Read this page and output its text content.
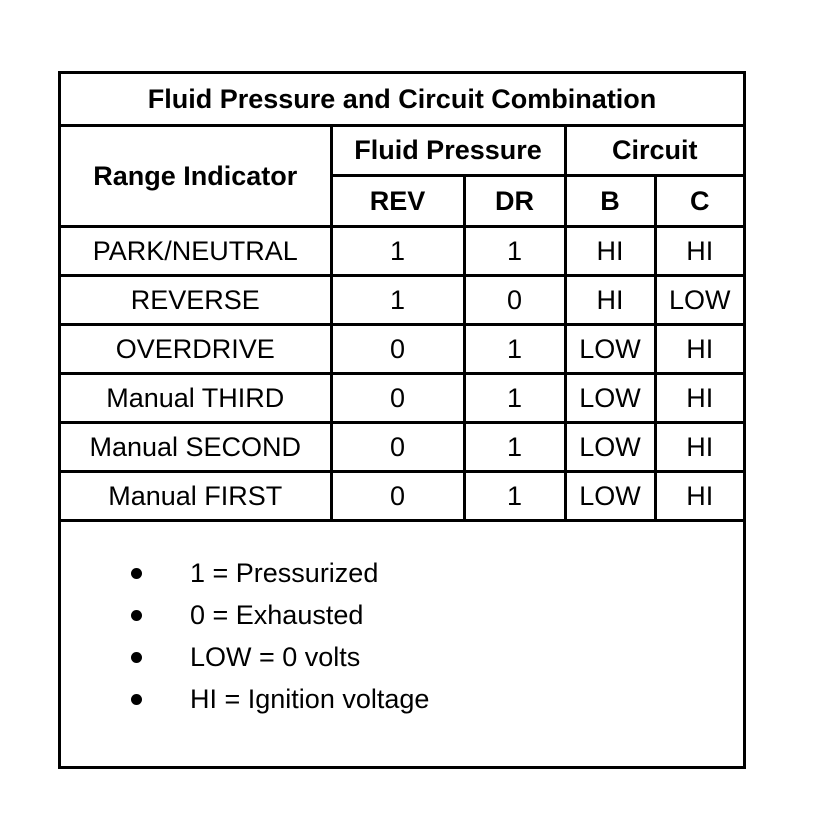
Fluid Pressure and Circuit Combination				
Range Indicator	Fluid Pressure		Circuit	
	REV	DR	B	C
PARK/NEUTRAL	1	1	HI	HI
REVERSE	1	0	HI	LOW
OVERDRIVE	0	1	LOW	HI
Manual THIRD	0	1	LOW	HI
Manual SECOND	0	1	LOW	HI
Manual FIRST	0	1	LOW	HI
1 = Pressurized
0 = Exhausted
LOW = 0 volts
HI = Ignition voltage
